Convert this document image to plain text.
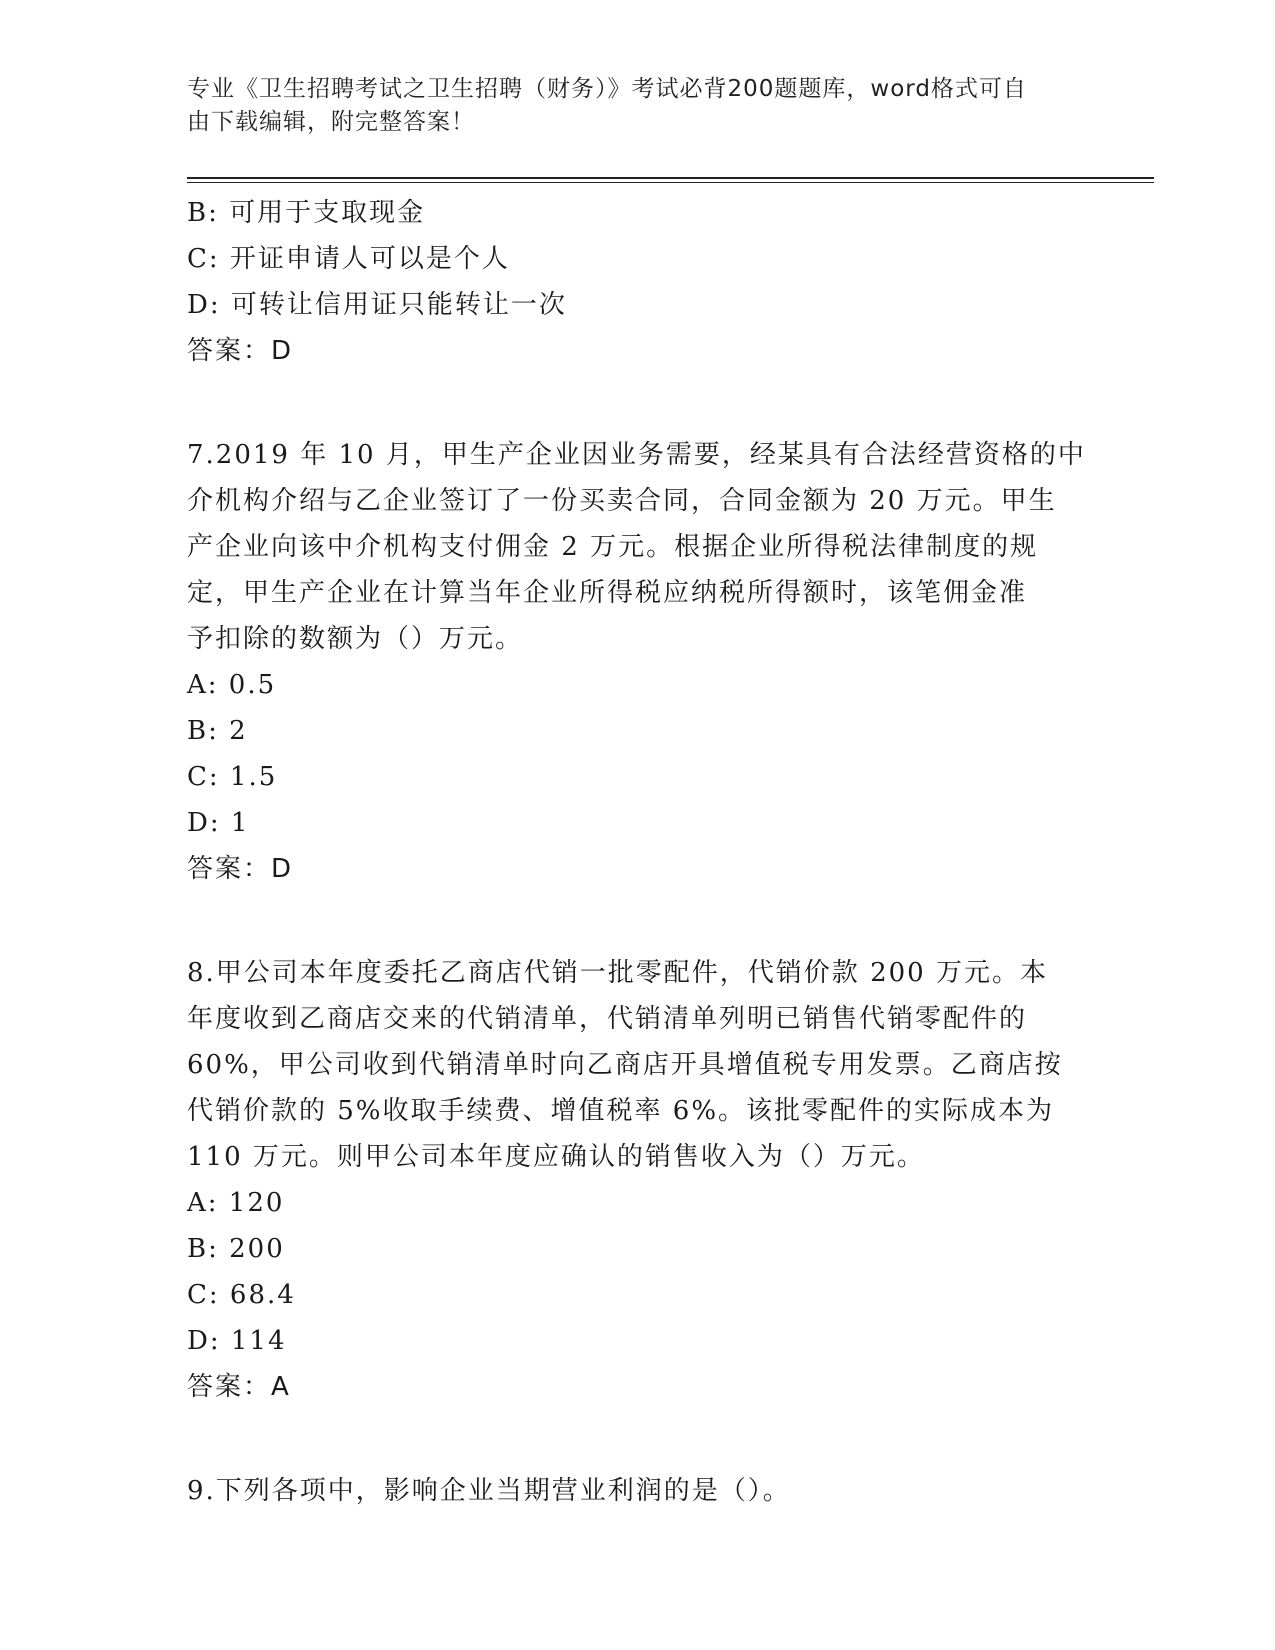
专业《卫生招聘考试之卫生招聘（财务）》考试必背200题题库，word格式可自
由下载编辑，附完整答案！
B: 可用于支取现金
C: 开证申请人可以是个人
D: 可转让信用证只能转让一次
答案：D
7.2019 年 10 月，甲生产企业因业务需要，经某具有合法经营资格的中
介机构介绍与乙企业签订了一份买卖合同，合同金额为 20 万元。甲生
产企业向该中介机构支付佣金 2 万元。根据企业所得税法律制度的规
定，甲生产企业在计算当年企业所得税应纳税所得额时，该笔佣金准
予扣除的数额为（）万元。
A: 0.5
B: 2
C: 1.5
D: 1
答案：D
8.甲公司本年度委托乙商店代销一批零配件，代销价款 200 万元。本
年度收到乙商店交来的代销清单，代销清单列明已销售代销零配件的
60%，甲公司收到代销清单时向乙商店开具增值税专用发票。乙商店按
代销价款的 5%收取手续费、增值税率 6%。该批零配件的实际成本为
110 万元。则甲公司本年度应确认的销售收入为（）万元。
A: 120
B: 200
C: 68.4
D: 114
答案：A
9.下列各项中，影响企业当期营业利润的是（）。
